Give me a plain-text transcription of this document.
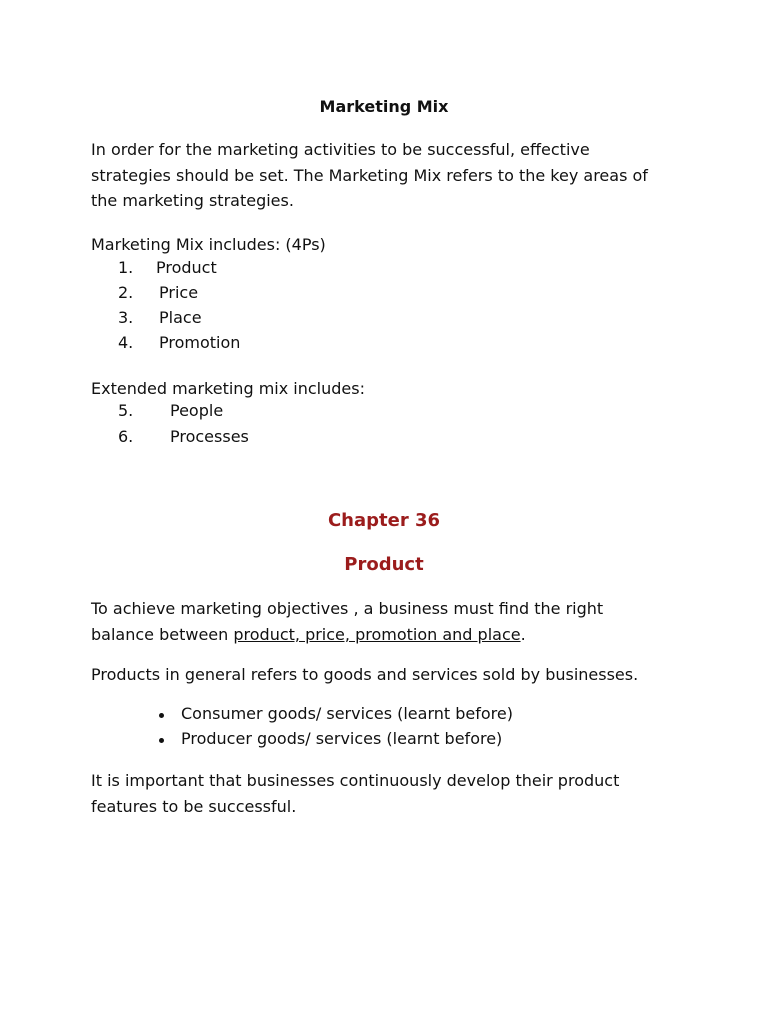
Marketing Mix
In order for the marketing activities to be successful, effective
strategies should be set. The Marketing Mix refers to the key areas of
the marketing strategies.
Marketing Mix includes: (4Ps)
1. Product
2. Price
3. Place
4. Promotion
Extended marketing mix includes:
5. People
6. Processes
Chapter 36
Product
To achieve marketing objectives , a business must find the right
balance between product, price, promotion and place.
Products in general refers to goods and services sold by businesses.
Consumer goods/ services (learnt before)
Producer goods/ services (learnt before)
It is important that businesses continuously develop their product
features to be successful.
